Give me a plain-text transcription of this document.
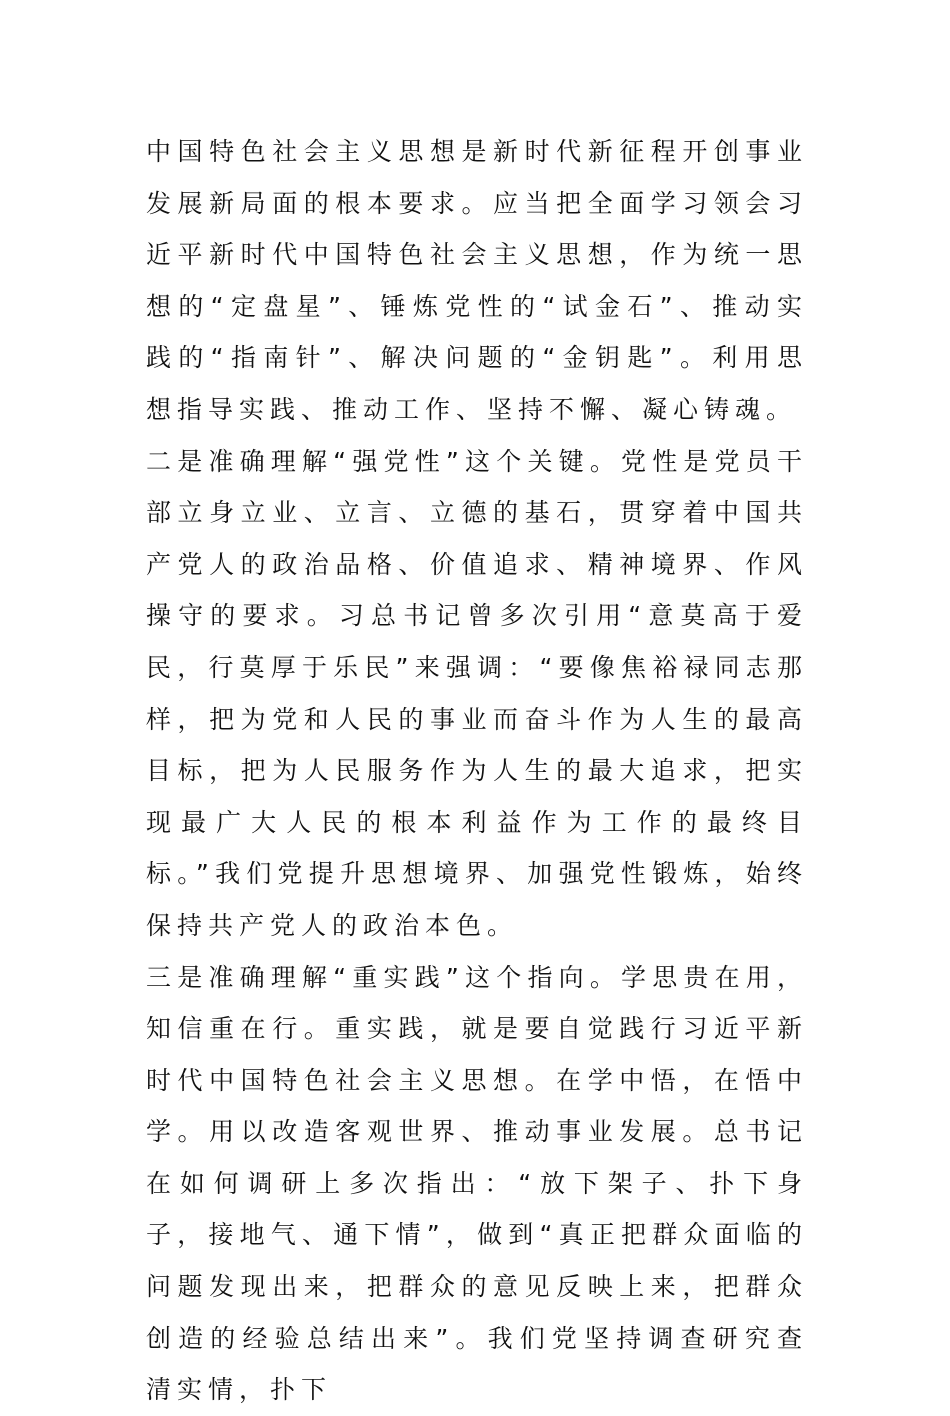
中国特色社会主义思想是新时代新征程开创事业发展新局面的根本要求。应当把全面学习领会习近平新时代中国特色社会主义思想，作为统一思想的“定盘星”、锤炼党性的“试金石”、推动实践的“指南针”、解决问题的“金钥匙”。利用思想指导实践、推动工作、坚持不懈、凝心铸魂。

二是准确理解“强党性”这个关键。党性是党员干部立身立业、立言、立德的基石，贯穿着中国共产党人的政治品格、价值追求、精神境界、作风操守的要求。习总书记曾多次引用“意莫高于爱民，行莫厚于乐民”来强调：“要像焦裕禄同志那样，把为党和人民的事业而奋斗作为人生的最高目标，把为人民服务作为人生的最大追求，把实现最广大人民的根本利益作为工作的最终目标。”我们党提升思想境界、加强党性锻炼，始终保持共产党人的政治本色。

三是准确理解“重实践”这个指向。学思贵在用，知信重在行。重实践，就是要自觉践行习近平新时代中国特色社会主义思想。在学中悟，在悟中学。用以改造客观世界、推动事业发展。总书记在如何调研上多次指出：“放下架子、扑下身子，接地气、通下情”，做到“真正把群众面临的问题发现出来，把群众的意见反映上来，把群众创造的经验总结出来”。我们党坚持调查研究查清实情，扑下
